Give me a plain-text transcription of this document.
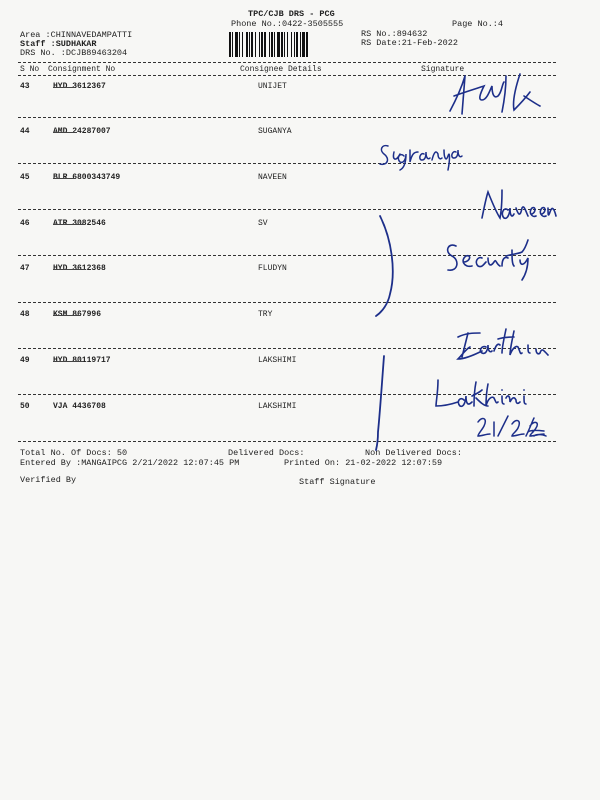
TPC/CJB DRS - PCG
Phone No.:0422-3505555	Page No.:4
Area :CHINNAVEDAMPATTI
Staff :SUDHAKAR
DRS No. :DCJB89463204
RS No.:894632
RS Date:21-Feb-2022
S No Consignment No	Consignee Details	Signature
43	HYD 3612367	UNIJET
44	AMD 24287007	SUGANYA
45	BLR 6800343749	NAVEEN
46	ATR 3082546	SV
47	HYD 3612368	FLUDYN
48	KSM 867996	TRY
49	HYD 80119717	LAKSHIMI
50	VJA 4436708	LAKSHIMI
Total No. Of Docs: 50	Delivered Docs:	Non Delivered Docs:
Entered By :MANGAIPCG 2/21/2022 12:07:45 PM	Printed On: 21-02-2022 12:07:59
Verified By	Staff Signature
